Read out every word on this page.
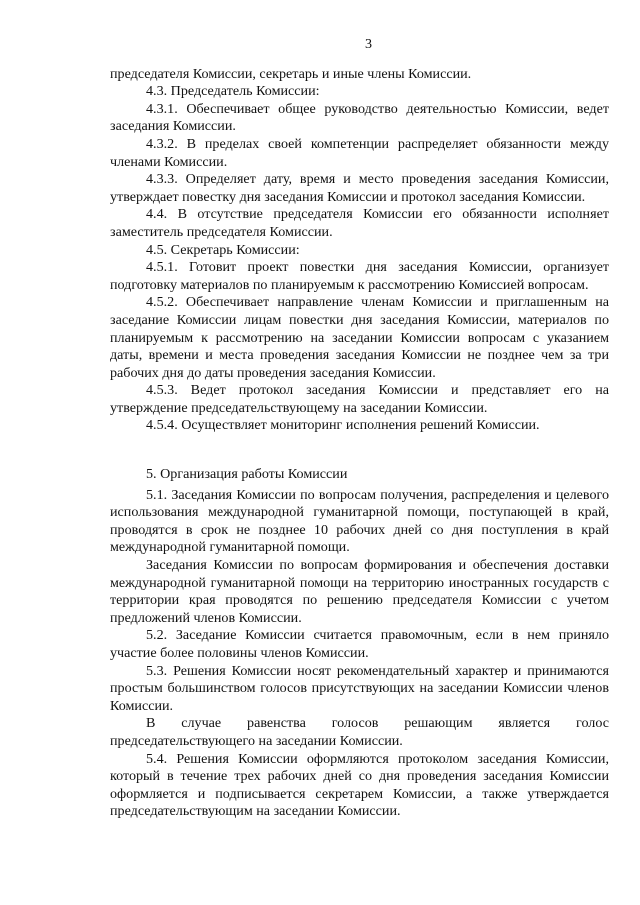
3

председателя Комиссии, секретарь и иные члены Комиссии.

4.3. Председатель Комиссии:

4.3.1. Обеспечивает общее руководство деятельностью Комиссии, ведет заседания Комиссии.

4.3.2. В пределах своей компетенции распределяет обязанности между членами Комиссии.

4.3.3. Определяет дату, время и место проведения заседания Комиссии, утверждает повестку дня заседания Комиссии и протокол заседания Комиссии.

4.4. В отсутствие председателя Комиссии его обязанности исполняет заместитель председателя Комиссии.

4.5. Секретарь Комиссии:

4.5.1. Готовит проект повестки дня заседания Комиссии, организует подготовку материалов по планируемым к рассмотрению Комиссией вопросам.

4.5.2. Обеспечивает направление членам Комиссии и приглашенным на заседание Комиссии лицам повестки дня заседания Комиссии, материалов по планируемым к рассмотрению на заседании Комиссии вопросам с указанием даты, времени и места проведения заседания Комиссии не позднее чем за три рабочих дня до даты проведения заседания Комиссии.

4.5.3. Ведет протокол заседания Комиссии и представляет его на утверждение председательствующему на заседании Комиссии.

4.5.4. Осуществляет мониторинг исполнения решений Комиссии.

5. Организация работы Комиссии

5.1. Заседания Комиссии по вопросам получения, распределения и целевого использования международной гуманитарной помощи, поступающей в край, проводятся в срок не позднее 10 рабочих дней со дня поступления в край международной гуманитарной помощи.

Заседания Комиссии по вопросам формирования и обеспечения доставки международной гуманитарной помощи на территорию иностранных государств с территории края проводятся по решению председателя Комиссии с учетом предложений членов Комиссии.

5.2. Заседание Комиссии считается правомочным, если в нем приняло участие более половины членов Комиссии.

5.3. Решения Комиссии носят рекомендательный характер и принимаются простым большинством голосов присутствующих на заседании Комиссии членов Комиссии.

В случае равенства голосов решающим является голос председательствующего на заседании Комиссии.

5.4. Решения Комиссии оформляются протоколом заседания Комиссии, который в течение трех рабочих дней со дня проведения заседания Комиссии оформляется и подписывается секретарем Комиссии, а также утверждается председательствующим на заседании Комиссии.
